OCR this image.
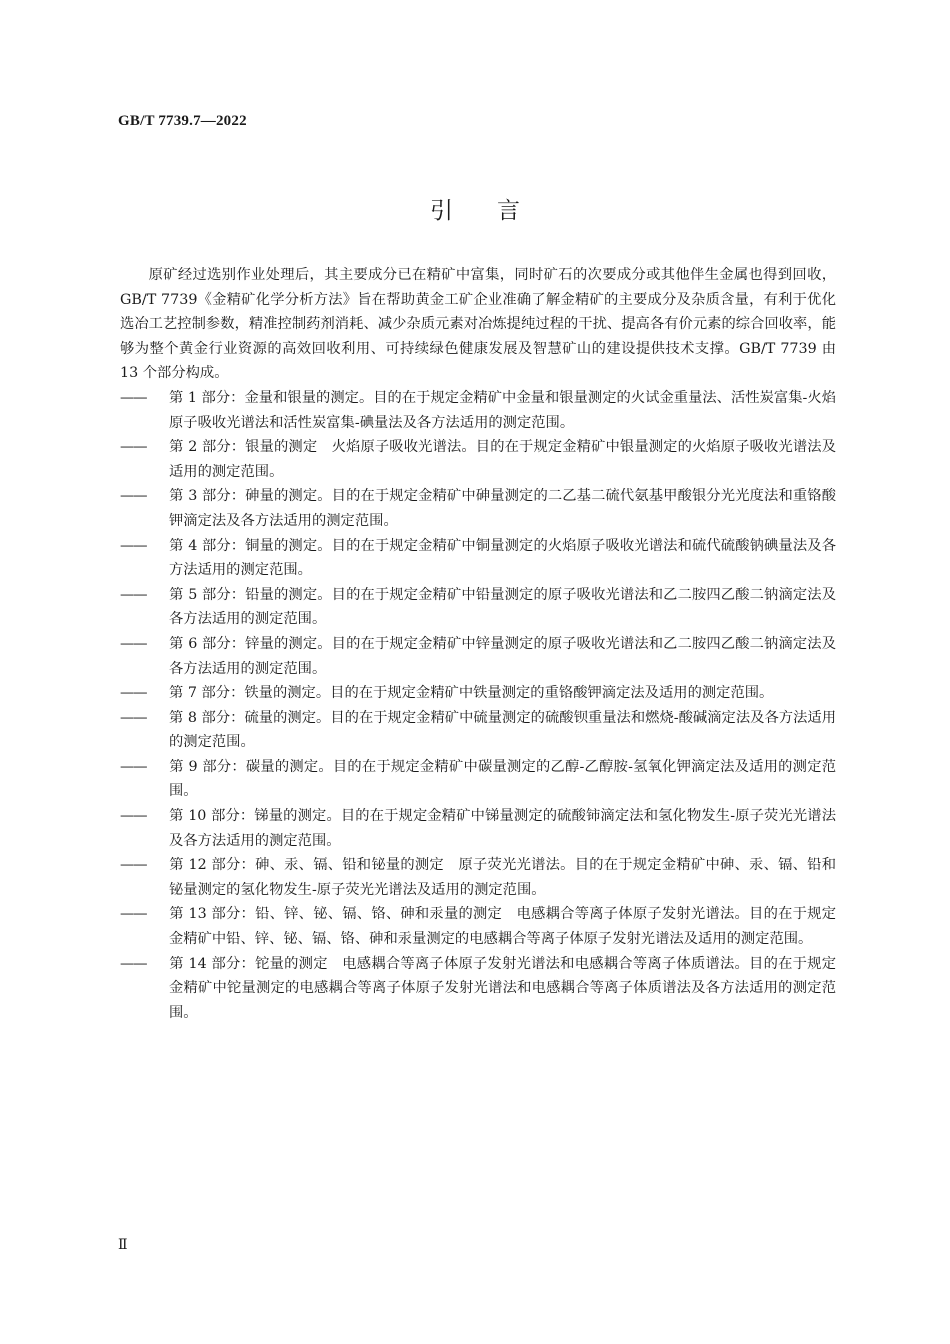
GB/T 7739.7—2022

引言

原矿经过选别作业处理后，其主要成分已在精矿中富集，同时矿石的次要成分或其他伴生金属也得到回收，GB/T 7739《金精矿化学分析方法》旨在帮助黄金工矿企业准确了解金精矿的主要成分及杂质含量，有利于优化选冶工艺控制参数，精准控制药剂消耗、减少杂质元素对冶炼提纯过程的干扰、提高各有价元素的综合回收率，能够为整个黄金行业资源的高效回收利用、可持续绿色健康发展及智慧矿山的建设提供技术支撑。GB/T 7739 由 13 个部分构成。

—— 第 1 部分：金量和银量的测定。目的在于规定金精矿中金量和银量测定的火试金重量法、活性炭富集-火焰原子吸收光谱法和活性炭富集-碘量法及各方法适用的测定范围。
—— 第 2 部分：银量的测定　火焰原子吸收光谱法。目的在于规定金精矿中银量测定的火焰原子吸收光谱法及适用的测定范围。
—— 第 3 部分：砷量的测定。目的在于规定金精矿中砷量测定的二乙基二硫代氨基甲酸银分光光度法和重铬酸钾滴定法及各方法适用的测定范围。
—— 第 4 部分：铜量的测定。目的在于规定金精矿中铜量测定的火焰原子吸收光谱法和硫代硫酸钠碘量法及各方法适用的测定范围。
—— 第 5 部分：铅量的测定。目的在于规定金精矿中铅量测定的原子吸收光谱法和乙二胺四乙酸二钠滴定法及各方法适用的测定范围。
—— 第 6 部分：锌量的测定。目的在于规定金精矿中锌量测定的原子吸收光谱法和乙二胺四乙酸二钠滴定法及各方法适用的测定范围。
—— 第 7 部分：铁量的测定。目的在于规定金精矿中铁量测定的重铬酸钾滴定法及适用的测定范围。
—— 第 8 部分：硫量的测定。目的在于规定金精矿中硫量测定的硫酸钡重量法和燃烧-酸碱滴定法及各方法适用的测定范围。
—— 第 9 部分：碳量的测定。目的在于规定金精矿中碳量测定的乙醇-乙醇胺-氢氧化钾滴定法及适用的测定范围。
—— 第 10 部分：锑量的测定。目的在于规定金精矿中锑量测定的硫酸铈滴定法和氢化物发生-原子荧光光谱法及各方法适用的测定范围。
—— 第 12 部分：砷、汞、镉、铅和铋量的测定　原子荧光光谱法。目的在于规定金精矿中砷、汞、镉、铅和铋量测定的氢化物发生-原子荧光光谱法及适用的测定范围。
—— 第 13 部分：铅、锌、铋、镉、铬、砷和汞量的测定　电感耦合等离子体原子发射光谱法。目的在于规定金精矿中铅、锌、铋、镉、铬、砷和汞量测定的电感耦合等离子体原子发射光谱法及适用的测定范围。
—— 第 14 部分：铊量的测定　电感耦合等离子体原子发射光谱法和电感耦合等离子体质谱法。目的在于规定金精矿中铊量测定的电感耦合等离子体原子发射光谱法和电感耦合等离子体质谱法及各方法适用的测定范围。

Ⅱ
